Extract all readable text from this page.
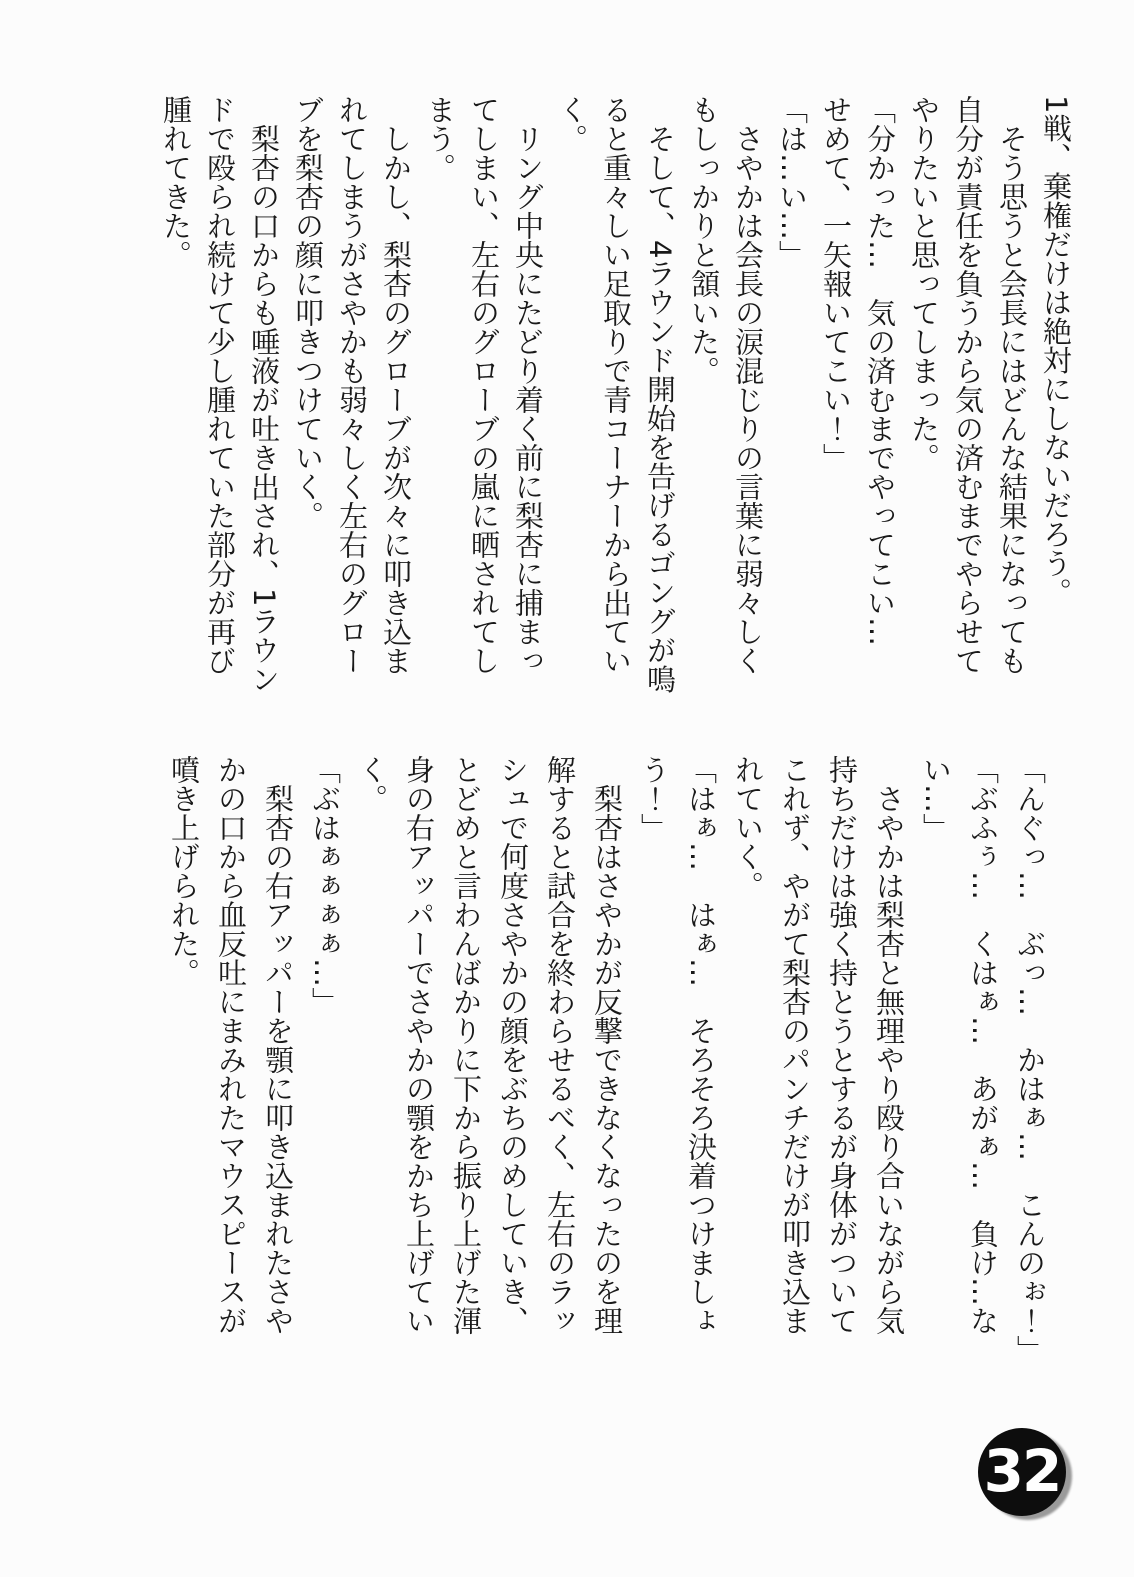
1戦、棄権だけは絶対にしないだろう。
そう思うと会長にはどんな結果になっても
自分が責任を負うから気の済むまでやらせて
やりたいと思ってしまった。
「分かった…　気の済むまでやってこい…
せめて、一矢報いてこい！」
「は…い…」
さやかは会長の涙混じりの言葉に弱々しく
もしっかりと頷いた。
そして、4ラウンド開始を告げるゴングが鳴
ると重々しい足取りで青コーナーから出てい
く。
リング中央にたどり着く前に梨杏に捕まっ
てしまい、左右のグローブの嵐に晒されてし
まう。
しかし、梨杏のグローブが次々に叩き込ま
れてしまうがさやかも弱々しく左右のグロー
ブを梨杏の顔に叩きつけていく。
梨杏の口からも唾液が吐き出され、1ラウン
ドで殴られ続けて少し腫れていた部分が再び
腫れてきた。
「んぐっ…　ぶっ…　かはぁ…　こんのぉ！」
「ぶふぅ…　くはぁ…　あがぁ…　負け…な
い…」
さやかは梨杏と無理やり殴り合いながら気
持ちだけは強く持とうとするが身体がついて
これず、やがて梨杏のパンチだけが叩き込ま
れていく。
「はぁ…　はぁ…　そろそろ決着つけましょ
う！」
梨杏はさやかが反撃できなくなったのを理
解すると試合を終わらせるべく、左右のラッ
シュで何度さやかの顔をぶちのめしていき、
とどめと言わんばかりに下から振り上げた渾
身の右アッパーでさやかの顎をかち上げてい
く。
「ぶはぁぁぁぁ…」
梨杏の右アッパーを顎に叩き込まれたさや
かの口から血反吐にまみれたマウスピースが
噴き上げられた。
32
